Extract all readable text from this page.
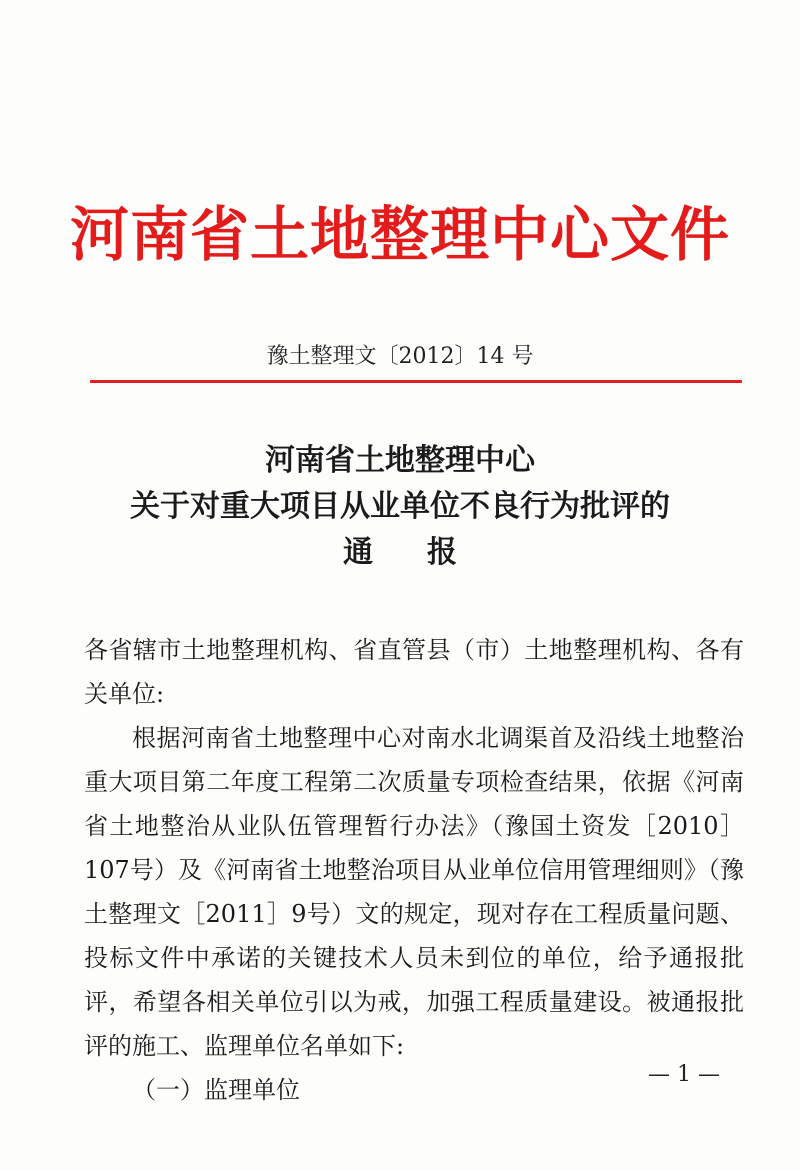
河南省土地整理中心文件
豫土整理文〔2012〕14 号
河南省土地整理中心
关于对重大项目从业单位不良行为批评的
通报

各省辖市土地整理机构、省直管县（市）土地整理机构、各有关单位:

根据河南省土地整理中心对南水北调渠首及沿线土地整治重大项目第二年度工程第二次质量专项检查结果，依据《河南省土地整治从业队伍管理暂行办法》（豫国土资发［2010］107号）及《河南省土地整治项目从业单位信用管理细则》（豫土整理文［2011］9号）文的规定，现对存在工程质量问题、投标文件中承诺的关键技术人员未到位的单位，给予通报批评，希望各相关单位引以为戒，加强工程质量建设。被通报批评的施工、监理单位名单如下:

（一）监理单位

— 1 —
